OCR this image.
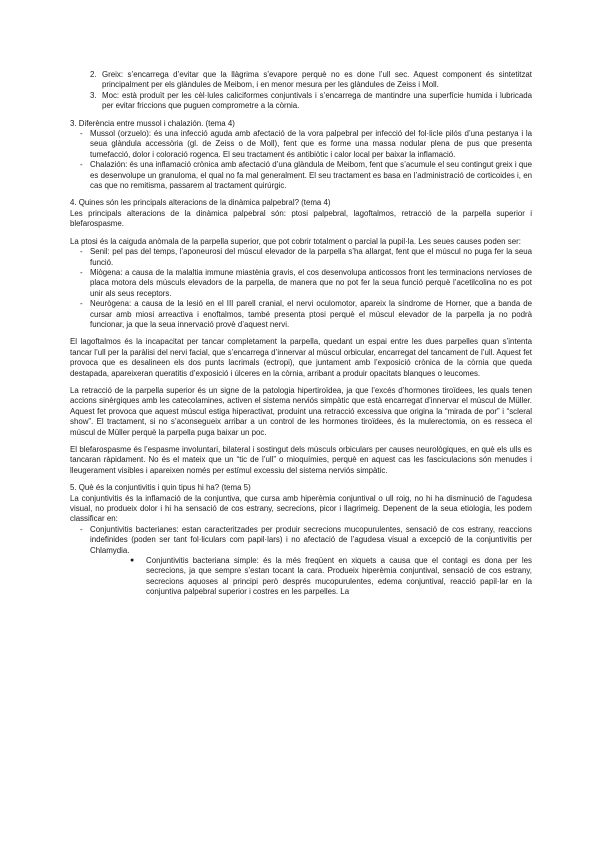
2. Greix: s’encarrega d’evitar que la llàgrima s’evapore perquè no es done l’ull sec. Aquest component és sintetitzat principalment per els glàndules de Meibom, i en menor mesura per les glàndules de Zeiss i Moll.

3. Moc: està produït per les cèl·lules caliciformes conjuntivals i s’encarrega de mantindre una superfície humida i lubricada per evitar friccions que puguen comprometre a la còrnia.

3. Diferència entre mussol i chalazión. (tema 4)

- Mussol (orzuelo): és una infecció aguda amb afectació de la vora palpebral per infecció del fol·licle pilós d’una pestanya i la seua glàndula accessòria (gl. de Zeiss o de Moll), fent que es forme una massa nodular plena de pus que presenta tumefacció, dolor i coloració rogenca. El seu tractament és antibiòtic i calor local per baixar la inflamació.

- Chalazión: és una inflamació crònica amb afectació d’una glàndula de Meibom, fent que s’acumule el seu contingut greix i que es desenvolupe un granuloma, el qual no fa mal generalment. El seu tractament es basa en l’administració de corticoides i, en cas que no remitisma, passarem al tractament quirúrgic.

4. Quines són les principals alteracions de la dinàmica palpebral? (tema 4)

Les principals alteracions de la dinàmica palpebral són: ptosi palpebral, lagoftalmos, retracció de la parpella superior i blefarospasme.

La ptosi és la caiguda anòmala de la parpella superior, que pot cobrir totalment o parcial la pupil·la. Les seues causes poden ser:

- Senil: pel pas del temps, l’aponeurosi del múscul elevador de la parpella s’ha allargat, fent que el múscul no puga fer la seua funció.

- Miògena: a causa de la malaltia immune miastènia gravis, el cos desenvolupa anticossos front les terminacions nervioses de placa motora dels músculs elevadors de la parpella, de manera que no pot fer la seua funció perquè l’acetilcolina no es pot unir als seus receptors.

- Neurògena: a causa de la lesió en el III parell cranial, el nervi oculomotor, apareix la síndrome de Horner, que a banda de cursar amb miosi arreactiva i enoftalmos, també presenta ptosi perquè el múscul elevador de la parpella ja no podrà funcionar, ja que la seua innervació provè d’aquest nervi.

El lagoftalmos és la incapacitat per tancar completament la parpella, quedant un espai entre les dues parpelles quan s’intenta tancar l’ull per la paràlisi del nervi facial, que s’encarrega d’innervar al múscul orbicular, encarregat del tancament de l’ull. Aquest fet provoca que es desalineen els dos punts lacrimals (ectropi), que juntament amb l’exposició crònica de la còrnia que queda destapada, apareixeran queratitis d’exposició i úlceres en la còrnia, arribant a produir opacitats blanques o leucomes.

La retracció de la parpella superior és un signe de la patologia hipertiroïdea, ja que l’excés d’hormones tiroïdees, les quals tenen accions sinèrgiques amb les catecolamines, activen el sistema nerviós simpàtic que està encarregat d’innervar el múscul de Müller. Aquest fet provoca que aquest múscul estiga hiperactivat, produint una retracció excessiva que origina la “mirada de por” i “scleral show”. El tractament, si no s’aconsegueix arribar a un control de les hormones tiroïdees, és la mulerectomia, on es resseca el múscul de Müller perquè la parpella puga baixar un poc.

El blefarospasme és l’espasme involuntari, bilateral i sostingut dels músculs orbiculars per causes neurològiques, en què els ulls es tancaran ràpidament. No és el mateix que un “tic de l’ull” o mioquímies, perquè en aquest cas les fasciculacions són menudes i lleugerament visibles i apareixen només per estímul excessiu del sistema nerviós simpàtic.

5. Què és la conjuntivitis i quin tipus hi ha? (tema 5)

La conjuntivitis és la inflamació de la conjuntiva, que cursa amb hiperèmia conjuntival o ull roig, no hi ha disminució de l’agudesa visual, no produeix dolor i hi ha sensació de cos estrany, secrecions, picor i llagrimeig. Depenent de la seua etiologia, les podem classificar en:

- Conjuntivitis bacterianes: estan caracteritzades per produir secrecions mucopurulentes, sensació de cos estrany, reaccions indefinides (poden ser tant fol·liculars com papil·lars) i no afectació de l’agudesa visual a excepció de la conjuntivitis per Chlamydia.

● Conjuntivitis bacteriana simple: és la més freqüent en xiquets a causa que el contagi es dona per les secrecions, ja que sempre s’estan tocant la cara. Produeix hiperèmia conjuntival, sensació de cos estrany, secrecions aquoses al principi però després mucopurulentes, edema conjuntival, reacció papil·lar en la conjuntiva palpebral superior i costres en les parpelles. La
